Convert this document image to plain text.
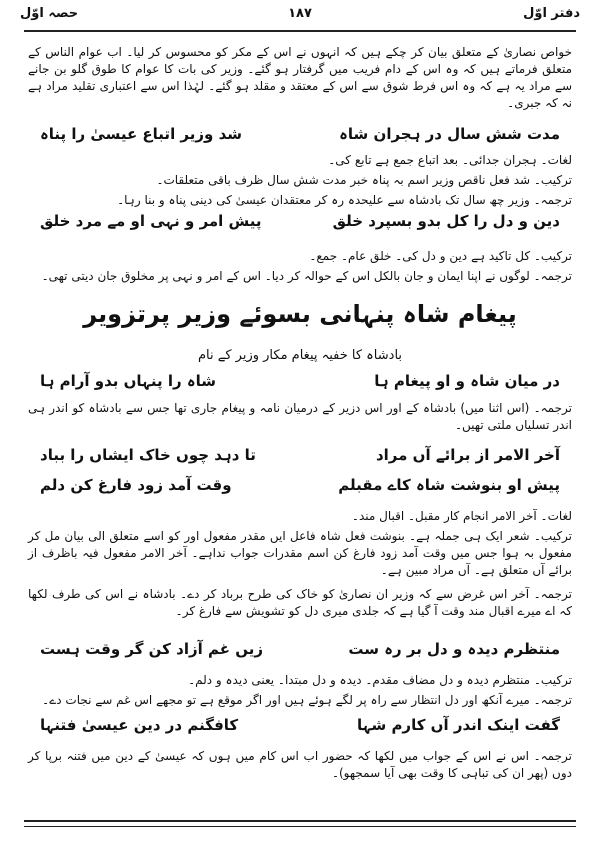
دفتر اوّل
١٨٧
حصہ اوّل
خواص نصاریٰ کے متعلق بیان کر چکے ہیں کہ انہوں نے اس کے مکر کو محسوس کر لیا۔ اب عوام الناس کے متعلق فرماتے ہیں کہ وہ اس کے دام فریب میں گرفتار ہو گئے۔ وزیر کی بات کا عوام کا طوق گلو بن جانے سے مراد یہ ہے کہ وہ اس فرط شوق سے اس کے معتقد و مقلد ہو گئے۔ لہٰذا اس سے اعتباری تقلید مراد ہے نہ کہ جبری۔
مدت شش سال در ہجران شاہ
شد وزیر اتباع عیسیٰ را پناہ
لغات۔ ہجران جدائی۔ بعد اتباع جمع ہے تابع کی۔
ترکیب۔ شد فعل ناقص وزیر اسم بہ پناہ خبر مدت شش سال ظرف باقی متعلقات۔
ترجمہ۔ وزیر چھ سال تک بادشاہ سے علیحدہ رہ کر معتقدان عیسیٰ کی دینی پناہ و بنا رہا۔
دین و دل را کل بدو بسپرد خلق
پیش امر و نہی او مے مرد خلق
ترکیب۔ کل تاکید ہے دین و دل کی۔ خلق عام۔ جمع۔
ترجمہ۔ لوگوں نے اپنا ایمان و جان بالکل اس کے حوالہ کر دیا۔ اس کے امر و نہی پر مخلوق جان دیتی تھی۔
پیغام شاہ پنہانی بسوئے وزیر پرتزویر
بادشاہ کا خفیہ پیغام مکار وزیر کے نام
در میان شاہ و او پیغام ہا
شاہ را پنہاں بدو آرام ہا
ترجمہ۔ (اس اثنا میں) بادشاہ کے اور اس دزیر کے درمیان نامہ و پیغام جاری تھا جس سے بادشاہ کو اندر ہی اندر تسلیاں ملتی تھیں۔
آخر الامر از برائے آں مراد
تا دہد چوں خاک ایشاں را بباد
پیش او بنوشت شاہ کاے مقبلم
وقت آمد زود فارغ کن دلم
لغات۔ آخر الامر انجام کار مقبل۔ اقبال مند۔
ترکیب۔ شعر ایک ہی جملہ ہے۔ بنوشت فعل شاہ فاعل ایں مقدر مفعول اور کو اسے متعلق الی بیان مل کر مفعول بہ ہوا جس میں وقت آمد زود فارغ کن اسم مقدرات جواب نداہے۔ آخر الامر مفعول فیہ باظرف از برائے آں متعلق ہے۔ آں مراد مبین ہے۔
ترجمہ۔ آخر اس غرض سے کہ وزیر ان نصاریٰ کو خاک کی طرح برباد کر دے۔ بادشاہ نے اس کی طرف لکھا کہ اے میرے اقبال مند وقت آ گیا ہے کہ جلدی میری دل کو تشویش سے فارغ کر۔
منتظرم دیدہ و دل بر رہ ست
زیں غم آزاد کن گر وقت ہست
ترکیب۔ منتظرم دیدہ و دل مضاف مقدم۔ دیدہ و دل مبتدا۔ یعنی دیدہ و دلم۔
ترجمہ۔ میرے آنکھ اور دل انتظار سے راہ پر لگے ہوئے ہیں اور اگر موقع ہے تو مجھے اس غم سے نجات دے۔
گفت اینک اندر آں کارم شہا
کافگنم در دین عیسیٰ فتنہا
ترجمہ۔ اس نے اس کے جواب میں لکھا کہ حضور اب اس کام میں ہوں کہ عیسیٰ کے دین میں فتنہ برپا کر دوں (پھر ان کی تباہی کا وقت بھی آیا سمجھو)۔
